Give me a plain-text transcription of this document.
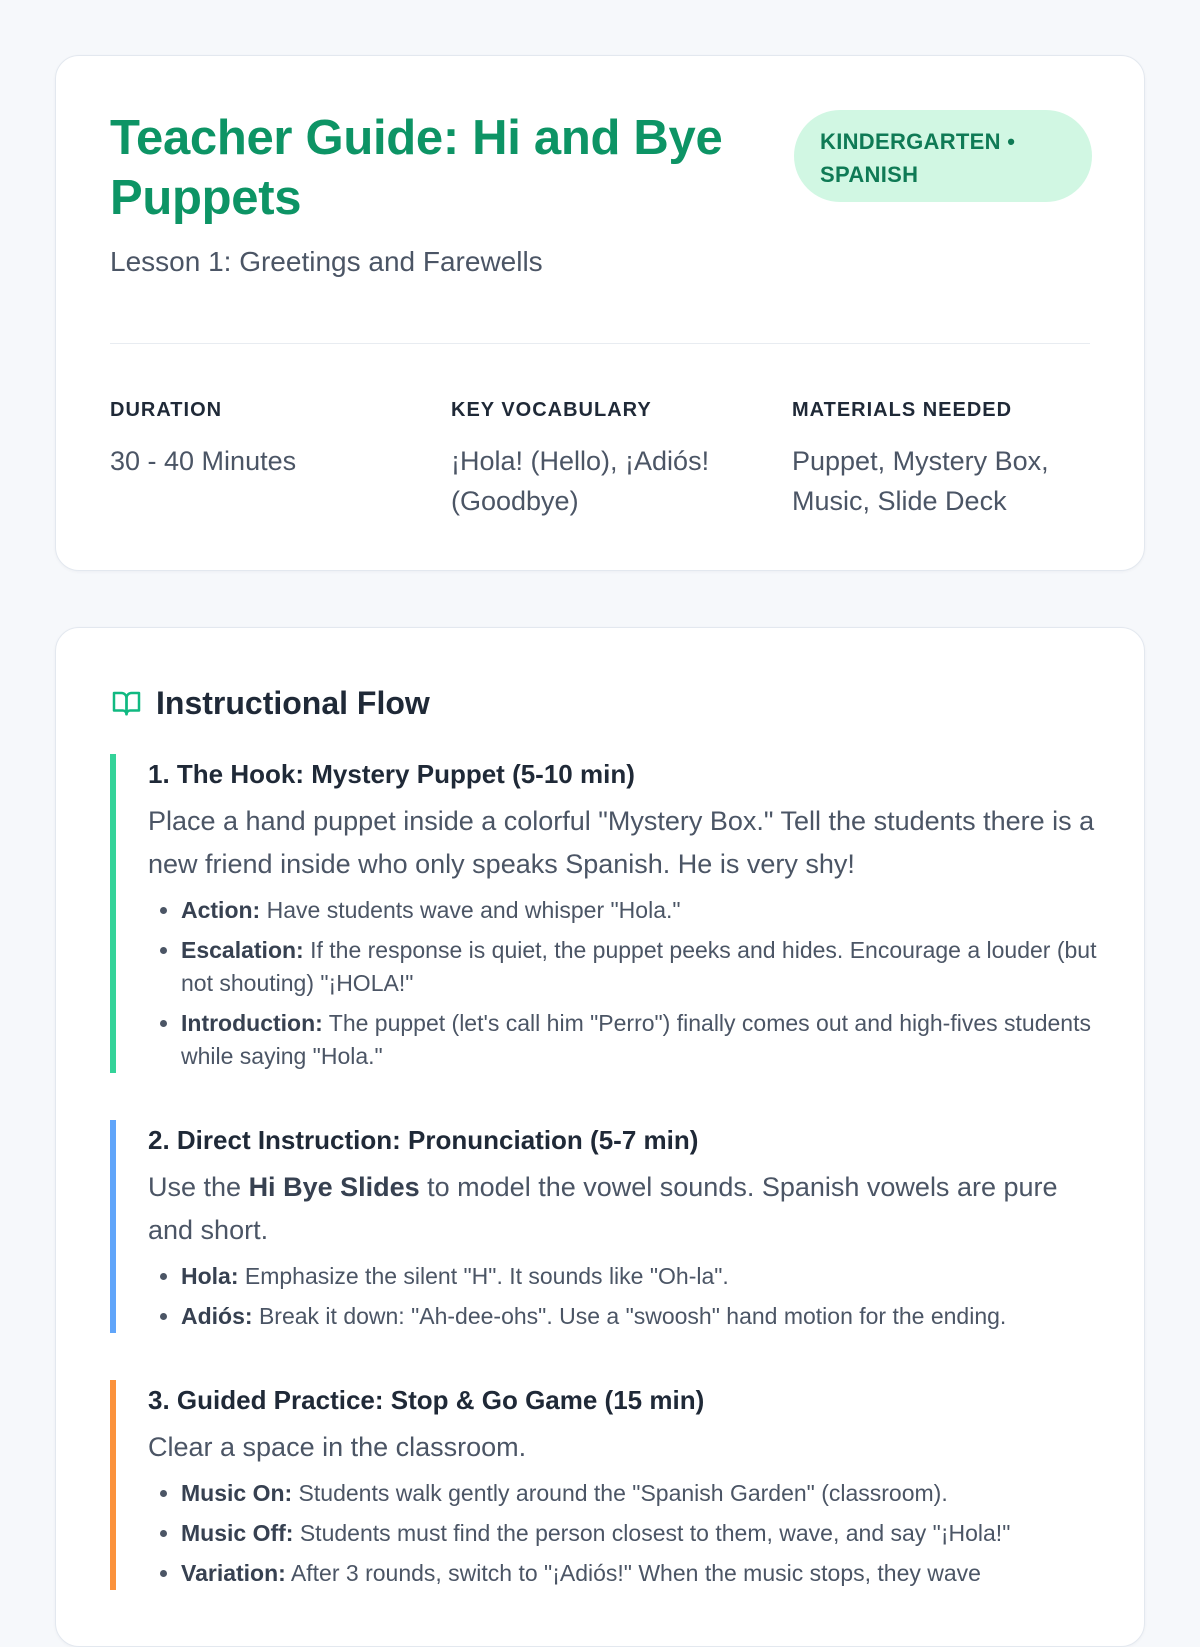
Teacher Guide: Hi and Bye Puppets
KINDERGARTEN • SPANISH
Lesson 1: Greetings and Farewells
DURATION
30 - 40 Minutes
KEY VOCABULARY
¡Hola! (Hello), ¡Adiós! (Goodbye)
MATERIALS NEEDED
Puppet, Mystery Box, Music, Slide Deck
Instructional Flow
1. The Hook: Mystery Puppet (5-10 min)

Place a hand puppet inside a colorful "Mystery Box." Tell the students there is a new friend inside who only speaks Spanish. He is very shy!

• Action: Have students wave and whisper "Hola."
• Escalation: If the response is quiet, the puppet peeks and hides. Encourage a louder (but not shouting) "¡HOLA!"
• Introduction: The puppet (let's call him "Perro") finally comes out and high-fives students while saying "Hola."
2. Direct Instruction: Pronunciation (5-7 min)

Use the Hi Bye Slides to model the vowel sounds. Spanish vowels are pure and short.

• Hola: Emphasize the silent "H". It sounds like "Oh-la".
• Adiós: Break it down: "Ah-dee-ohs". Use a "swoosh" hand motion for the ending.
3. Guided Practice: Stop & Go Game (15 min)

Clear a space in the classroom.

• Music On: Students walk gently around the "Spanish Garden" (classroom).
• Music Off: Students must find the person closest to them, wave, and say "¡Hola!"
• Variation: After 3 rounds, switch to "¡Adiós!" When the music stops, they wave
